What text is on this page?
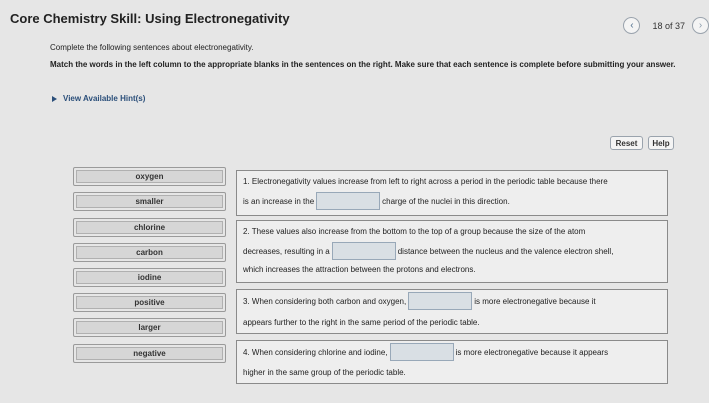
Core Chemistry Skill: Using Electronegativity	‹ 18 of 37 ›
Complete the following sentences about electronegativity.
Match the words in the left column to the appropriate blanks in the sentences on the right. Make sure that each sentence is complete before submitting your answer.
View Available Hint(s)
Reset	Help
oxygen
smaller
chlorine
carbon
iodine
positive
larger
negative
1. Electronegativity values increase from left to right across a period in the periodic table because there
is an increase in the	charge of the nuclei in this direction.
2. These values also increase from the bottom to the top of a group because the size of the atom
decreases, resulting in a	distance between the nucleus and the valence electron shell,
which increases the attraction between the protons and electrons.
3. When considering both carbon and oxygen,	is more electronegative because it
appears further to the right in the same period of the periodic table.
4. When considering chlorine and iodine,	is more electronegative because it appears
higher in the same group of the periodic table.
